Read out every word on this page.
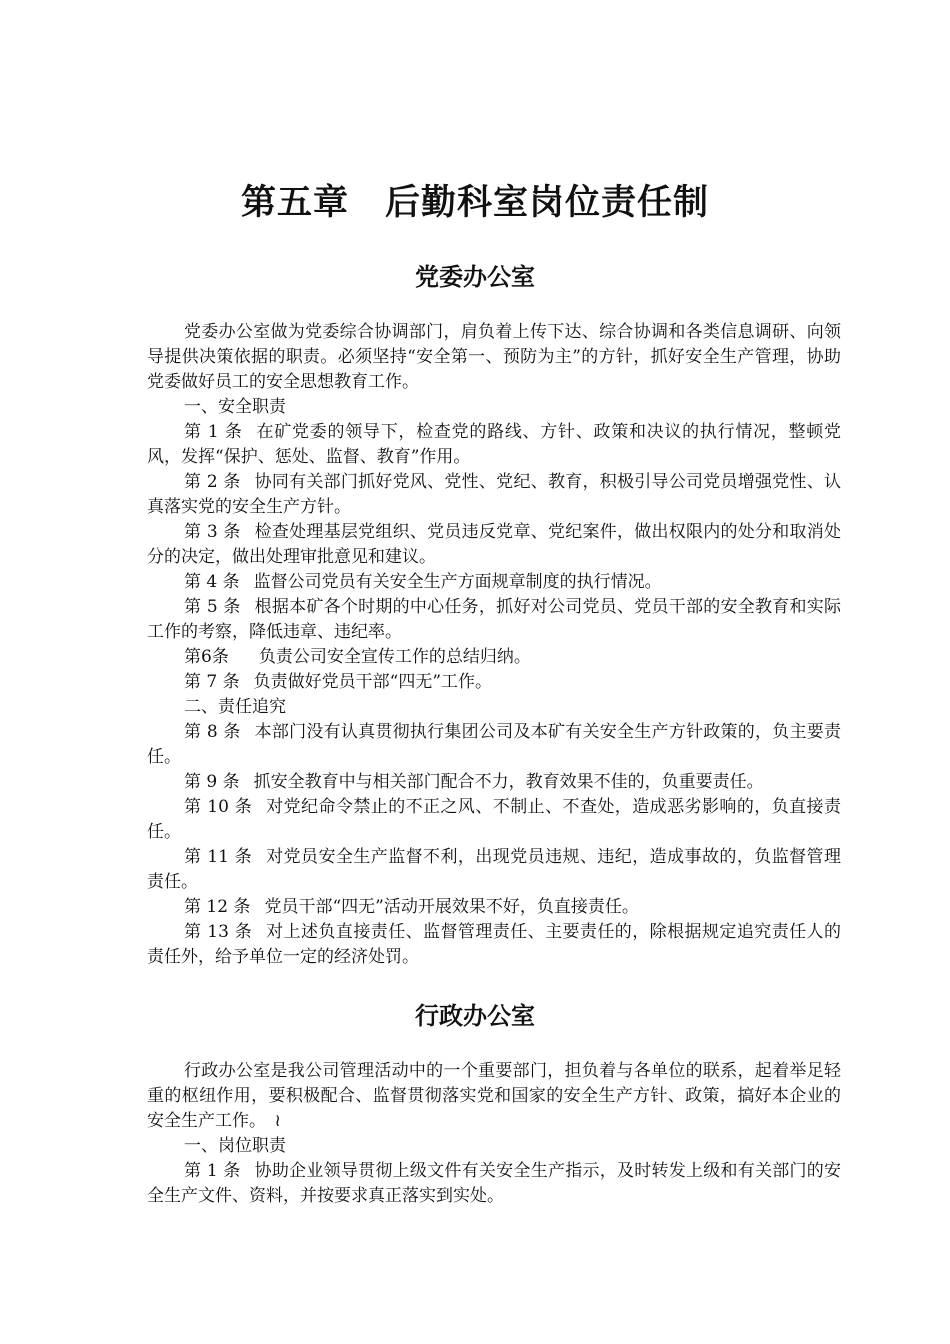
第五章　后勤科室岗位责任制
党委办公室

党委办公室做为党委综合协调部门，肩负着上传下达、综合协调和各类信息调研、向领导提供决策依据的职责。必须坚持“安全第一、预防为主”的方针，抓好安全生产管理，协助党委做好员工的安全思想教育工作。

一、安全职责

第 1 条 在矿党委的领导下，检查党的路线、方针、政策和决议的执行情况，整顿党风，发挥“保护、惩处、监督、教育”作用。

第 2 条 协同有关部门抓好党风、党性、党纪、教育，积极引导公司党员增强党性、认真落实党的安全生产方针。

第 3 条 检查处理基层党组织、党员违反党章、党纪案件，做出权限内的处分和取消处分的决定，做出处理审批意见和建议。

第 4 条 监督公司党员有关安全生产方面规章制度的执行情况。

第 5 条 根据本矿各个时期的中心任务，抓好对公司党员、党员干部的安全教育和实际工作的考察，降低违章、违纪率。

第6条 负责公司安全宣传工作的总结归纳。

第 7 条 负责做好党员干部“四无”工作。

二、责任追究

第 8 条 本部门没有认真贯彻执行集团公司及本矿有关安全生产方针政策的，负主要责任。

第 9 条 抓安全教育中与相关部门配合不力，教育效果不佳的，负重要责任。

第 10 条 对党纪命令禁止的不正之风、不制止、不查处，造成恶劣影响的，负直接责任。

第 11 条 对党员安全生产监督不利，出现党员违规、违纪，造成事故的，负监督管理责任。

第 12 条 党员干部“四无”活动开展效果不好，负直接责任。

第 13 条 对上述负直接责任、监督管理责任、主要责任的，除根据规定追究责任人的责任外，给予单位一定的经济处罚。

行政办公室

行政办公室是我公司管理活动中的一个重要部门，担负着与各单位的联系，起着举足轻重的枢纽作用，要积极配合、监督贯彻落实党和国家的安全生产方针、政策，搞好本企业的安全生产工作。　≀

一、岗位职责

第 1 条 协助企业领导贯彻上级文件有关安全生产指示，及时转发上级和有关部门的安全生产文件、资料，并按要求真正落实到实处。
